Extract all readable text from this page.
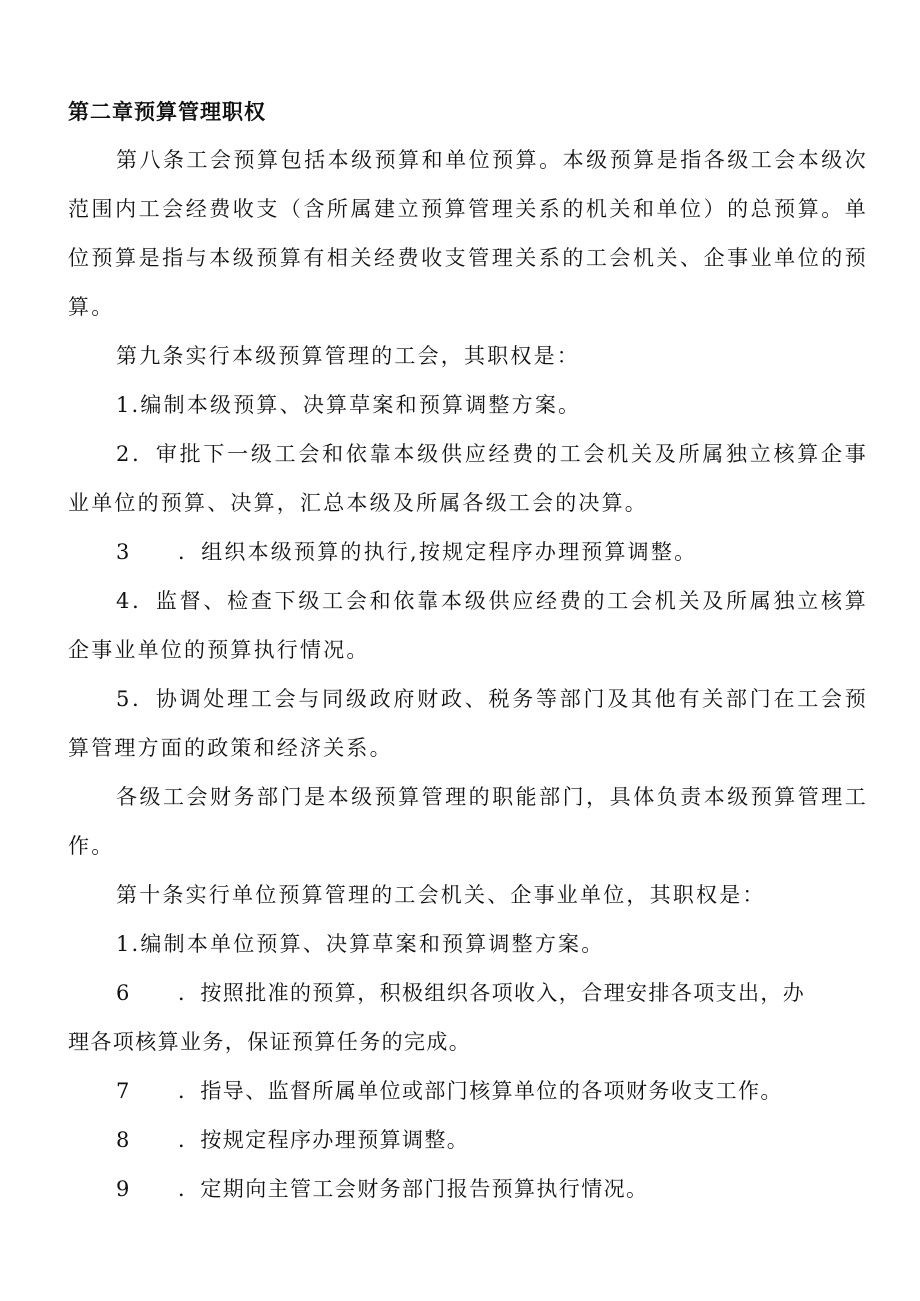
第二章预算管理职权

第八条工会预算包括本级预算和单位预算。本级预算是指各级工会本级次范围内工会经费收支（含所属建立预算管理关系的机关和单位）的总预算。单位预算是指与本级预算有相关经费收支管理关系的工会机关、企事业单位的预算。

第九条实行本级预算管理的工会，其职权是：

1.编制本级预算、决算草案和预算调整方案。

2．审批下一级工会和依靠本级供应经费的工会机关及所属独立核算企事业单位的预算、决算，汇总本级及所属各级工会的决算。

3 ．组织本级预算的执行,按规定程序办理预算调整。

4．监督、检查下级工会和依靠本级供应经费的工会机关及所属独立核算企事业单位的预算执行情况。

5．协调处理工会与同级政府财政、税务等部门及其他有关部门在工会预算管理方面的政策和经济关系。

各级工会财务部门是本级预算管理的职能部门，具体负责本级预算管理工作。

第十条实行单位预算管理的工会机关、企事业单位，其职权是：

1.编制本单位预算、决算草案和预算调整方案。

6 ．按照批准的预算，积极组织各项收入，合理安排各项支出，办

理各项核算业务，保证预算任务的完成。

7 ．指导、监督所属单位或部门核算单位的各项财务收支工作。

8 ．按规定程序办理预算调整。

9 ．定期向主管工会财务部门报告预算执行情况。
